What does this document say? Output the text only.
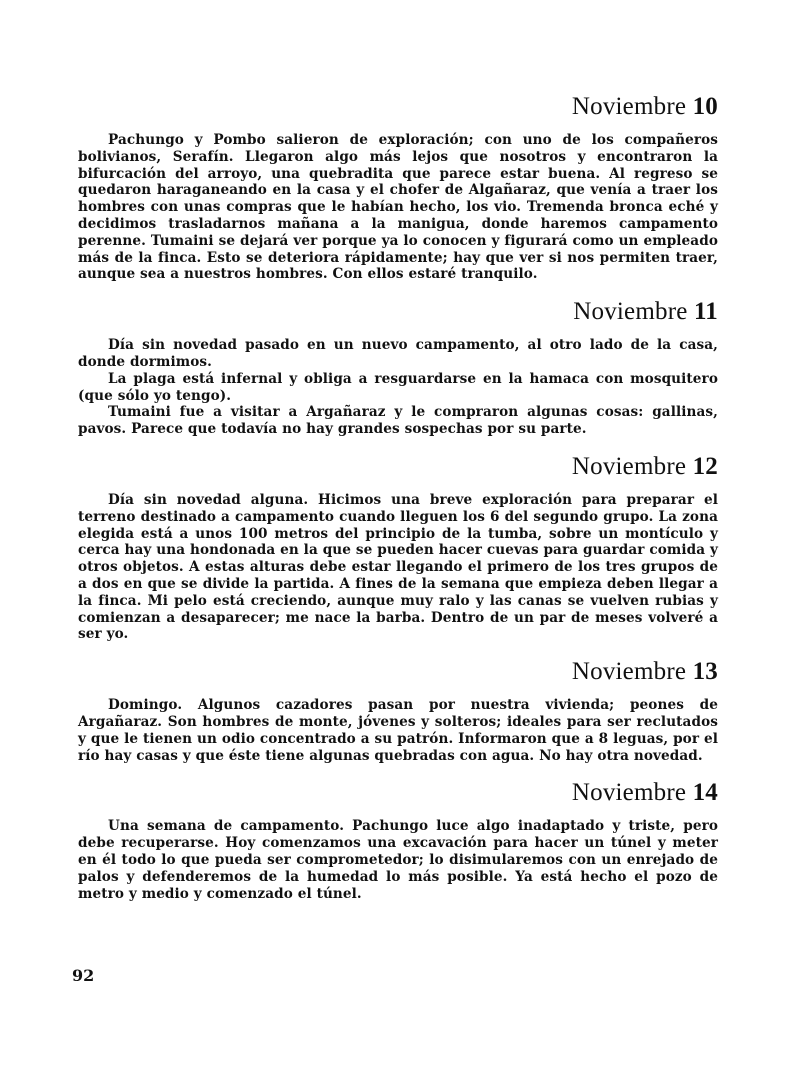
Noviembre 10

Pachungo y Pombo salieron de exploración; con uno de los compañeros bolivianos, Serafín. Llegaron algo más lejos que nosotros y encontraron la bifurcación del arroyo, una quebradita que parece estar buena. Al regreso se quedaron haraganeando en la casa y el chofer de Algañaraz, que venía a traer los hombres con unas compras que le habían hecho, los vio. Tremenda bronca eché y decidimos trasladarnos mañana a la manigua, donde haremos campamento perenne. Tumaini se dejará ver porque ya lo conocen y figurará como un empleado más de la finca. Esto se deteriora rápidamente; hay que ver si nos permiten traer, aunque sea a nuestros hombres. Con ellos estaré tranquilo.

Noviembre 11

Día sin novedad pasado en un nuevo campamento, al otro lado de la casa, donde dormimos.

La plaga está infernal y obliga a resguardarse en la hamaca con mosquitero (que sólo yo tengo).

Tumaini fue a visitar a Argañaraz y le compraron algunas cosas: gallinas, pavos. Parece que todavía no hay grandes sospechas por su parte.

Noviembre 12

Día sin novedad alguna. Hicimos una breve exploración para preparar el terreno destinado a campamento cuando lleguen los 6 del segundo grupo. La zona elegida está a unos 100 metros del principio de la tumba, sobre un montículo y cerca hay una hondonada en la que se pueden hacer cuevas para guardar comida y otros objetos. A estas alturas debe estar llegando el primero de los tres grupos de a dos en que se divide la partida. A fines de la semana que empieza deben llegar a la finca. Mi pelo está creciendo, aunque muy ralo y las canas se vuelven rubias y comienzan a desaparecer; me nace la barba. Dentro de un par de meses volveré a ser yo.

Noviembre 13

Domingo. Algunos cazadores pasan por nuestra vivienda; peones de Argañaraz. Son hombres de monte, jóvenes y solteros; ideales para ser reclutados y que le tienen un odio concentrado a su patrón. Informaron que a 8 leguas, por el río hay casas y que éste tiene algunas quebradas con agua. No hay otra novedad.

Noviembre 14

Una semana de campamento. Pachungo luce algo inadaptado y triste, pero debe recuperarse. Hoy comenzamos una excavación para hacer un túnel y meter en él todo lo que pueda ser comprometedor; lo disimularemos con un enrejado de palos y defenderemos de la humedad lo más posible. Ya está hecho el pozo de metro y medio y comenzado el túnel.

92
